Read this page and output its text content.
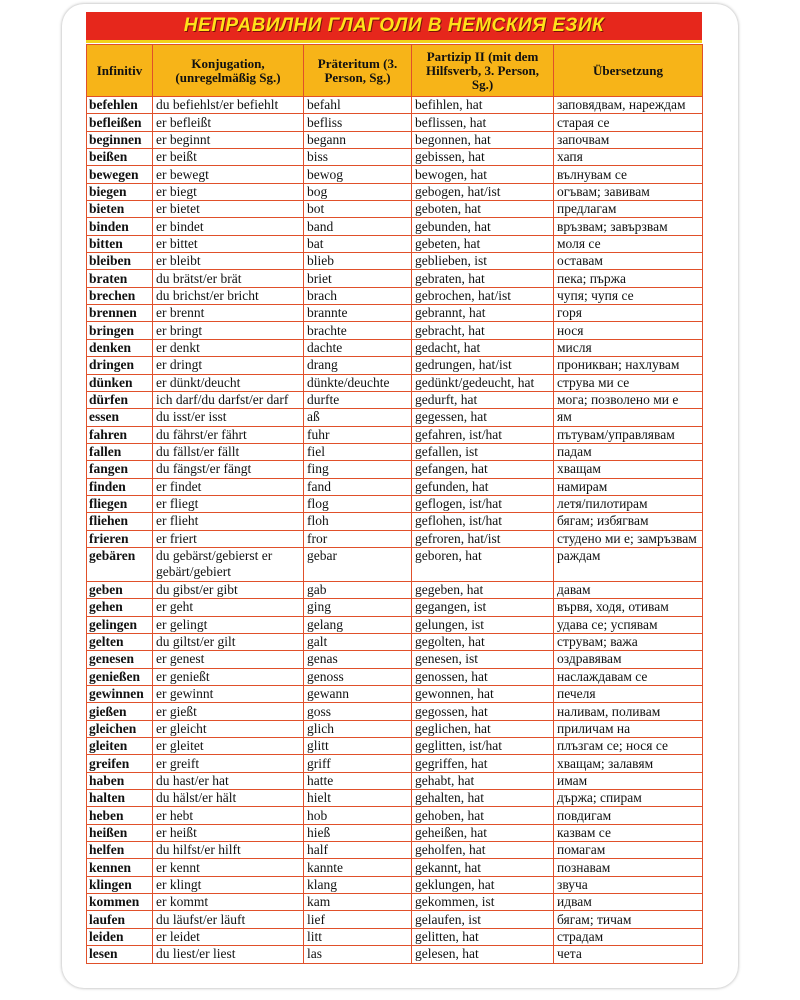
НЕПРАВИЛНИ ГЛАГОЛИ В НЕМСКИЯ ЕЗИК
Infinitiv	Konjugation, (unregelmäßig Sg.)	Präteritum (3. Person, Sg.)	Partizip II (mit dem Hilfsverb, 3. Person, Sg.)	Übersetzung
befehlen	du befiehlst/er befiehlt	befahl	befihlen, hat	заповядвам, нареждам
befleißen	er befleißt	befliss	beflissen, hat	старая се
beginnen	er beginnt	begann	begonnen, hat	започвам
beißen	er beißt	biss	gebissen, hat	хапя
bewegen	er bewegt	bewog	bewogen, hat	вълнувам се
biegen	er biegt	bog	gebogen, hat/ist	огъвам; завивам
bieten	er bietet	bot	geboten, hat	предлагам
binden	er bindet	band	gebunden, hat	връзвам; завързвам
bitten	er bittet	bat	gebeten, hat	моля се
bleiben	er bleibt	blieb	geblieben, ist	оставам
braten	du brätst/er brät	briet	gebraten, hat	пека; пържа
brechen	du brichst/er bricht	brach	gebrochen, hat/ist	чупя; чупя се
brennen	er brennt	brannte	gebrannt, hat	горя
bringen	er bringt	brachte	gebracht, hat	нося
denken	er denkt	dachte	gedacht, hat	мисля
dringen	er dringt	drang	gedrungen, hat/ist	проникван; нахлувам
dünken	er dünkt/deucht	dünkte/deuchte	gedünkt/gedeucht, hat	струва ми се
dürfen	ich darf/du darfst/er darf	durfte	gedurft, hat	мога; позволено ми е
essen	du isst/er isst	aß	gegessen, hat	ям
fahren	du fährst/er fährt	fuhr	gefahren, ist/hat	пътувам/управлявам
fallen	du fällst/er fällt	fiel	gefallen, ist	падам
fangen	du fängst/er fängt	fing	gefangen, hat	хващам
finden	er findet	fand	gefunden, hat	намирам
fliegen	er fliegt	flog	geflogen, ist/hat	летя/пилотирам
fliehen	er flieht	floh	geflohen, ist/hat	бягам; избягвам
frieren	er friert	fror	gefroren, hat/ist	студено ми е; замръзвам
gebären	du gebärst/gebierst er gebärt/gebiert	gebar	geboren, hat	раждам
geben	du gibst/er gibt	gab	gegeben, hat	давам
gehen	er geht	ging	gegangen, ist	вървя, ходя, отивам
gelingen	er gelingt	gelang	gelungen, ist	удава се; успявам
gelten	du giltst/er gilt	galt	gegolten, hat	струвам; важа
genesen	er genest	genas	genesen, ist	оздравявам
genießen	er genießt	genoss	genossen, hat	наслаждавам се
gewinnen	er gewinnt	gewann	gewonnen, hat	печеля
gießen	er gießt	goss	gegossen, hat	наливам, поливам
gleichen	er gleicht	glich	geglichen, hat	приличам на
gleiten	er gleitet	glitt	geglitten, ist/hat	плъзгам се; нося се
greifen	er greift	griff	gegriffen, hat	хващам; залавям
haben	du hast/er hat	hatte	gehabt, hat	имам
halten	du hälst/er hält	hielt	gehalten, hat	държа; спирам
heben	er hebt	hob	gehoben, hat	повдигам
heißen	er heißt	hieß	geheißen, hat	казвам се
helfen	du hilfst/er hilft	half	geholfen, hat	помагам
kennen	er kennt	kannte	gekannt, hat	познавам
klingen	er klingt	klang	geklungen, hat	звуча
kommen	er kommt	kam	gekommen, ist	идвам
laufen	du läufst/er läuft	lief	gelaufen, ist	бягам; тичам
leiden	er leidet	litt	gelitten, hat	страдам
lesen	du liest/er liest	las	gelesen, hat	чета
